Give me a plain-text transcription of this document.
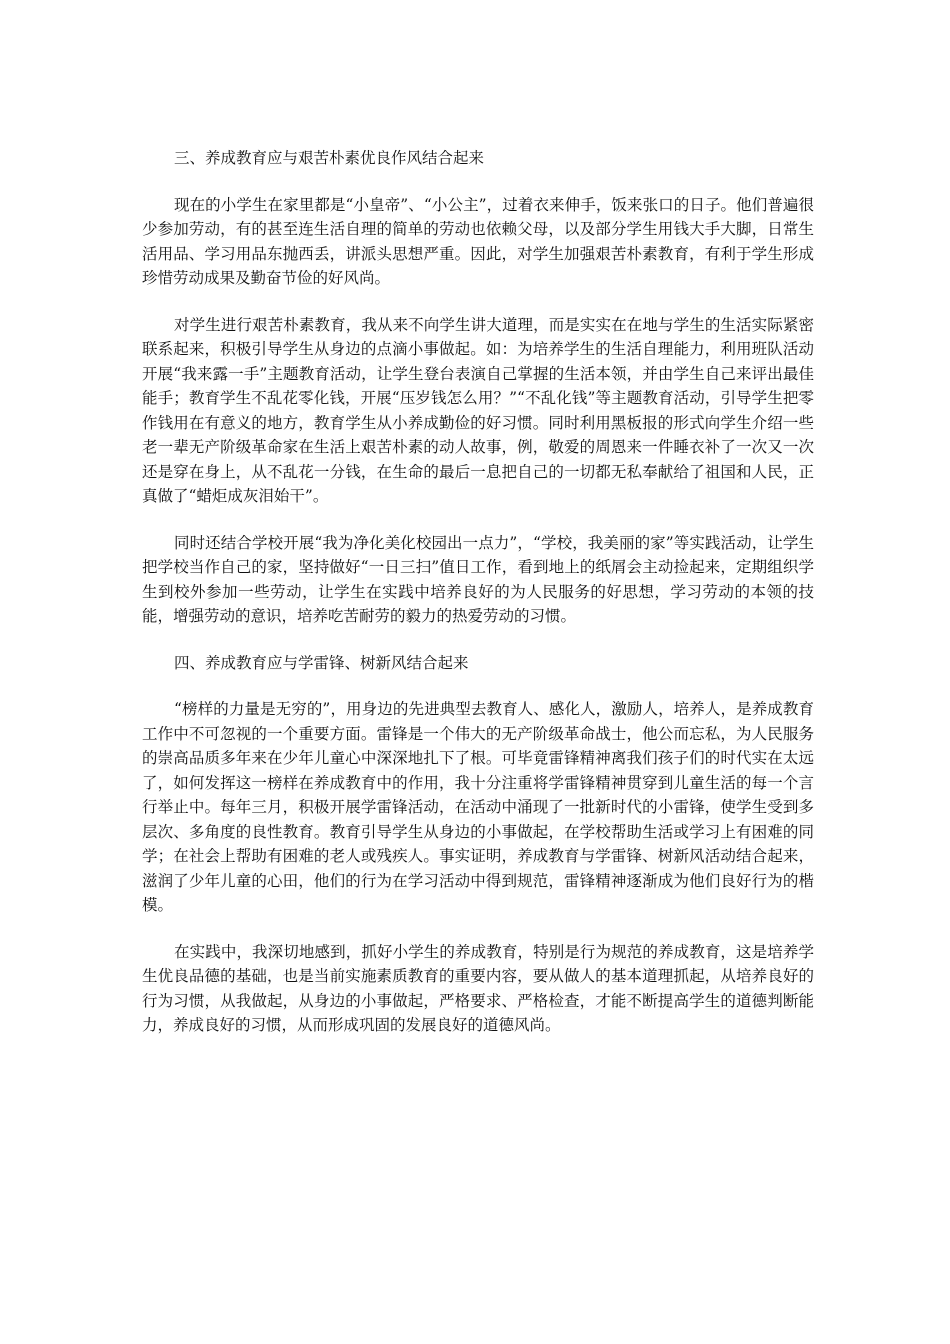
三、养成教育应与艰苦朴素优良作风结合起来

现在的小学生在家里都是“小皇帝”、“小公主”，过着衣来伸手，饭来张口的日子。他们普遍很少参加劳动，有的甚至连生活自理的简单的劳动也依赖父母，以及部分学生用钱大手大脚，日常生活用品、学习用品东抛西丢，讲派头思想严重。因此，对学生加强艰苦朴素教育，有利于学生形成珍惜劳动成果及勤奋节俭的好风尚。

对学生进行艰苦朴素教育，我从来不向学生讲大道理，而是实实在在地与学生的生活实际紧密联系起来，积极引导学生从身边的点滴小事做起。如：为培养学生的生活自理能力，利用班队活动开展“我来露一手”主题教育活动，让学生登台表演自己掌握的生活本领，并由学生自己来评出最佳能手；教育学生不乱花零化钱，开展“压岁钱怎么用？”“不乱化钱”等主题教育活动，引导学生把零作钱用在有意义的地方，教育学生从小养成勤俭的好习惯。同时利用黑板报的形式向学生介绍一些老一辈无产阶级革命家在生活上艰苦朴素的动人故事，例，敬爱的周恩来一件睡衣补了一次又一次还是穿在身上，从不乱花一分钱，在生命的最后一息把自己的一切都无私奉献给了祖国和人民，正真做了“蜡炬成灰泪始干”。

同时还结合学校开展“我为净化美化校园出一点力”，“学校，我美丽的家”等实践活动，让学生把学校当作自己的家，坚持做好“一日三扫”值日工作，看到地上的纸屑会主动捡起来，定期组织学生到校外参加一些劳动，让学生在实践中培养良好的为人民服务的好思想，学习劳动的本领的技能，增强劳动的意识，培养吃苦耐劳的毅力的热爱劳动的习惯。

四、养成教育应与学雷锋、树新风结合起来

“榜样的力量是无穷的”，用身边的先进典型去教育人、感化人，激励人，培养人，是养成教育工作中不可忽视的一个重要方面。雷锋是一个伟大的无产阶级革命战士，他公而忘私，为人民服务的崇高品质多年来在少年儿童心中深深地扎下了根。可毕竟雷锋精神离我们孩子们的时代实在太远了，如何发挥这一榜样在养成教育中的作用，我十分注重将学雷锋精神贯穿到儿童生活的每一个言行举止中。每年三月，积极开展学雷锋活动，在活动中涌现了一批新时代的小雷锋，使学生受到多层次、多角度的良性教育。教育引导学生从身边的小事做起，在学校帮助生活或学习上有困难的同学；在社会上帮助有困难的老人或残疾人。事实证明，养成教育与学雷锋、树新风活动结合起来，滋润了少年儿童的心田，他们的行为在学习活动中得到规范，雷锋精神逐渐成为他们良好行为的楷模。

在实践中，我深切地感到，抓好小学生的养成教育，特别是行为规范的养成教育，这是培养学生优良品德的基础，也是当前实施素质教育的重要内容，要从做人的基本道理抓起，从培养良好的行为习惯，从我做起，从身边的小事做起，严格要求、严格检查，才能不断提高学生的道德判断能力，养成良好的习惯，从而形成巩固的发展良好的道德风尚。
